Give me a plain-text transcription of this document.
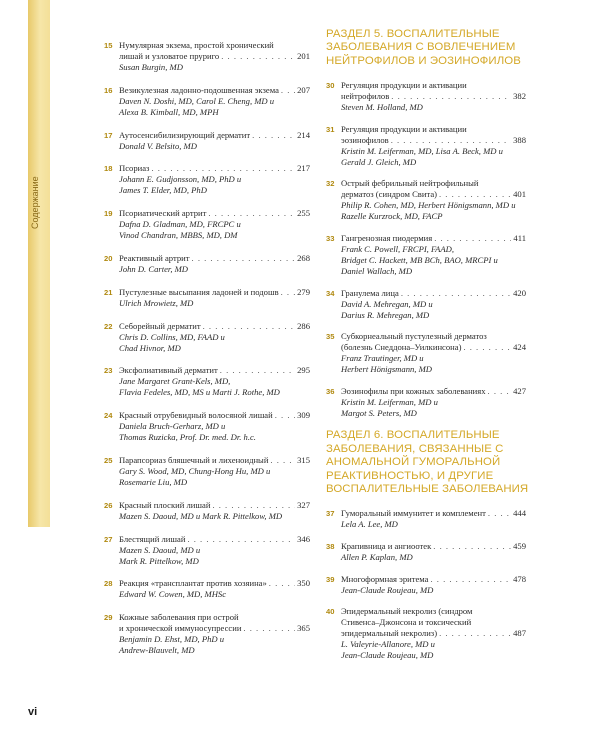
Содержание
15 Нумулярная экзема, простой хронический
лишай и узловатое пруриго . . .	201
Susan Burgin, MD
16 Везикулезная ладонно-подошвенная экзема . . . 207
Daven N. Doshi, MD, Carol E. Cheng, MD и
Alexa B. Kimball, MD, MPH
17 Аутосенсибилизирующий дерматит . . .	214
Donald V. Belsito, MD
18 Псориаз . . .	217
Johann E. Gudjonsson, MD, PhD и
James T. Elder, MD, PhD
19 Псориатический артрит . . .	255
Dafna D. Gladman, MD, FRCPC и
Vinod Chandran, MBBS, MD, DM
20 Реактивный артрит . . .	268
John D. Carter, MD
21 Пустулезные высыпания ладоней и подошв . . . 279
Ulrich Mrowietz, MD
22 Себорейный дерматит . . .	286
Chris D. Collins, MD, FAAD и
Chad Hivnor, MD
23 Эксфолиативный дерматит . . .	295
Jane Margaret Grant-Kels, MD,
Flavia Fedeles, MD, MS и Marti J. Rothe, MD
24 Красный отрубевидный волосяной лишай . . .	309
Daniela Bruch-Gerharz, MD и
Thomas Ruzicka, Prof. Dr. med. Dr. h.c.
25 Парапсориаз бляшечный и лихеноидный . . .	315
Gary S. Wood, MD, Chung-Hong Hu, MD и
Rosemarie Liu, MD
26 Красный плоский лишай . . .	327
Mazen S. Daoud, MD и Mark R. Pittelkow, MD
27 Блестящий лишай . . .	346
Mazen S. Daoud, MD и
Mark R. Pittelkow, MD
28 Реакция «трансплантат против хозяина» . . .	350
Edward W. Cowen, MD, MHSc
29 Кожные заболевания при острой
и хронической иммуносупрессии . . .	365
Benjamin D. Ehst, MD, PhD и
Andrew-Blauvelt, MD
РАЗДЕЛ 5. ВОСПАЛИТЕЛЬНЫЕ
ЗАБОЛЕВАНИЯ С ВОВЛЕЧЕНИЕМ
НЕЙТРОФИЛОВ И ЭОЗИНОФИЛОВ
30 Регуляция продукции и активации
нейтрофилов . . .	382
Steven M. Holland, MD
31 Регуляция продукции и активации
эозинофилов . . .	388
Kristin M. Leiferman, MD, Lisa A. Beck, MD и
Gerald J. Gleich, MD
32 Острый фебрильный нейтрофильный
дерматоз (синдром Свита) . . .	401
Philip R. Cohen, MD, Herbert Hönigsmann, MD и
Razelle Kurzrock, MD, FACP
33 Гангренозная пиодермия . . .	411
Frank C. Powell, FRCPI, FAAD,
Bridget C. Hackett, MB BCh, BAO, MRCPI и
Daniel Wallach, MD
34 Гранулема лица . . .	420
David A. Mehregan, MD и
Darius R. Mehregan, MD
35 Субкорнеальный пустулезный дерматоз
(болезнь Снеддона–Уилкинсона) . . .	424
Franz Trautinger, MD и
Herbert Hönigsmann, MD
36 Эозинофилы при кожных заболеваниях . . .	427
Kristin M. Leiferman, MD и
Margot S. Peters, MD
РАЗДЕЛ 6. ВОСПАЛИТЕЛЬНЫЕ
ЗАБОЛЕВАНИЯ, СВЯЗАННЫЕ С
АНОМАЛЬНОЙ ГУМОРАЛЬНОЙ
РЕАКТИВНОСТЬЮ, И ДРУГИЕ
ВОСПАЛИТЕЛЬНЫЕ ЗАБОЛЕВАНИЯ
37 Гуморальный иммунитет и комплемент . . .	444
Lela A. Lee, MD
38 Крапивница и ангиоотек . . .	459
Allen P. Kaplan, MD
39 Многоформная эритема . . .	478
Jean-Claude Roujeau, MD
40 Эпидермальный некролиз (синдром
Стивенса–Джонсона и токсический
эпидермальный некролиз) . . .	487
L. Valeyrie-Allanore, MD и
Jean-Claude Roujeau, MD
vi
